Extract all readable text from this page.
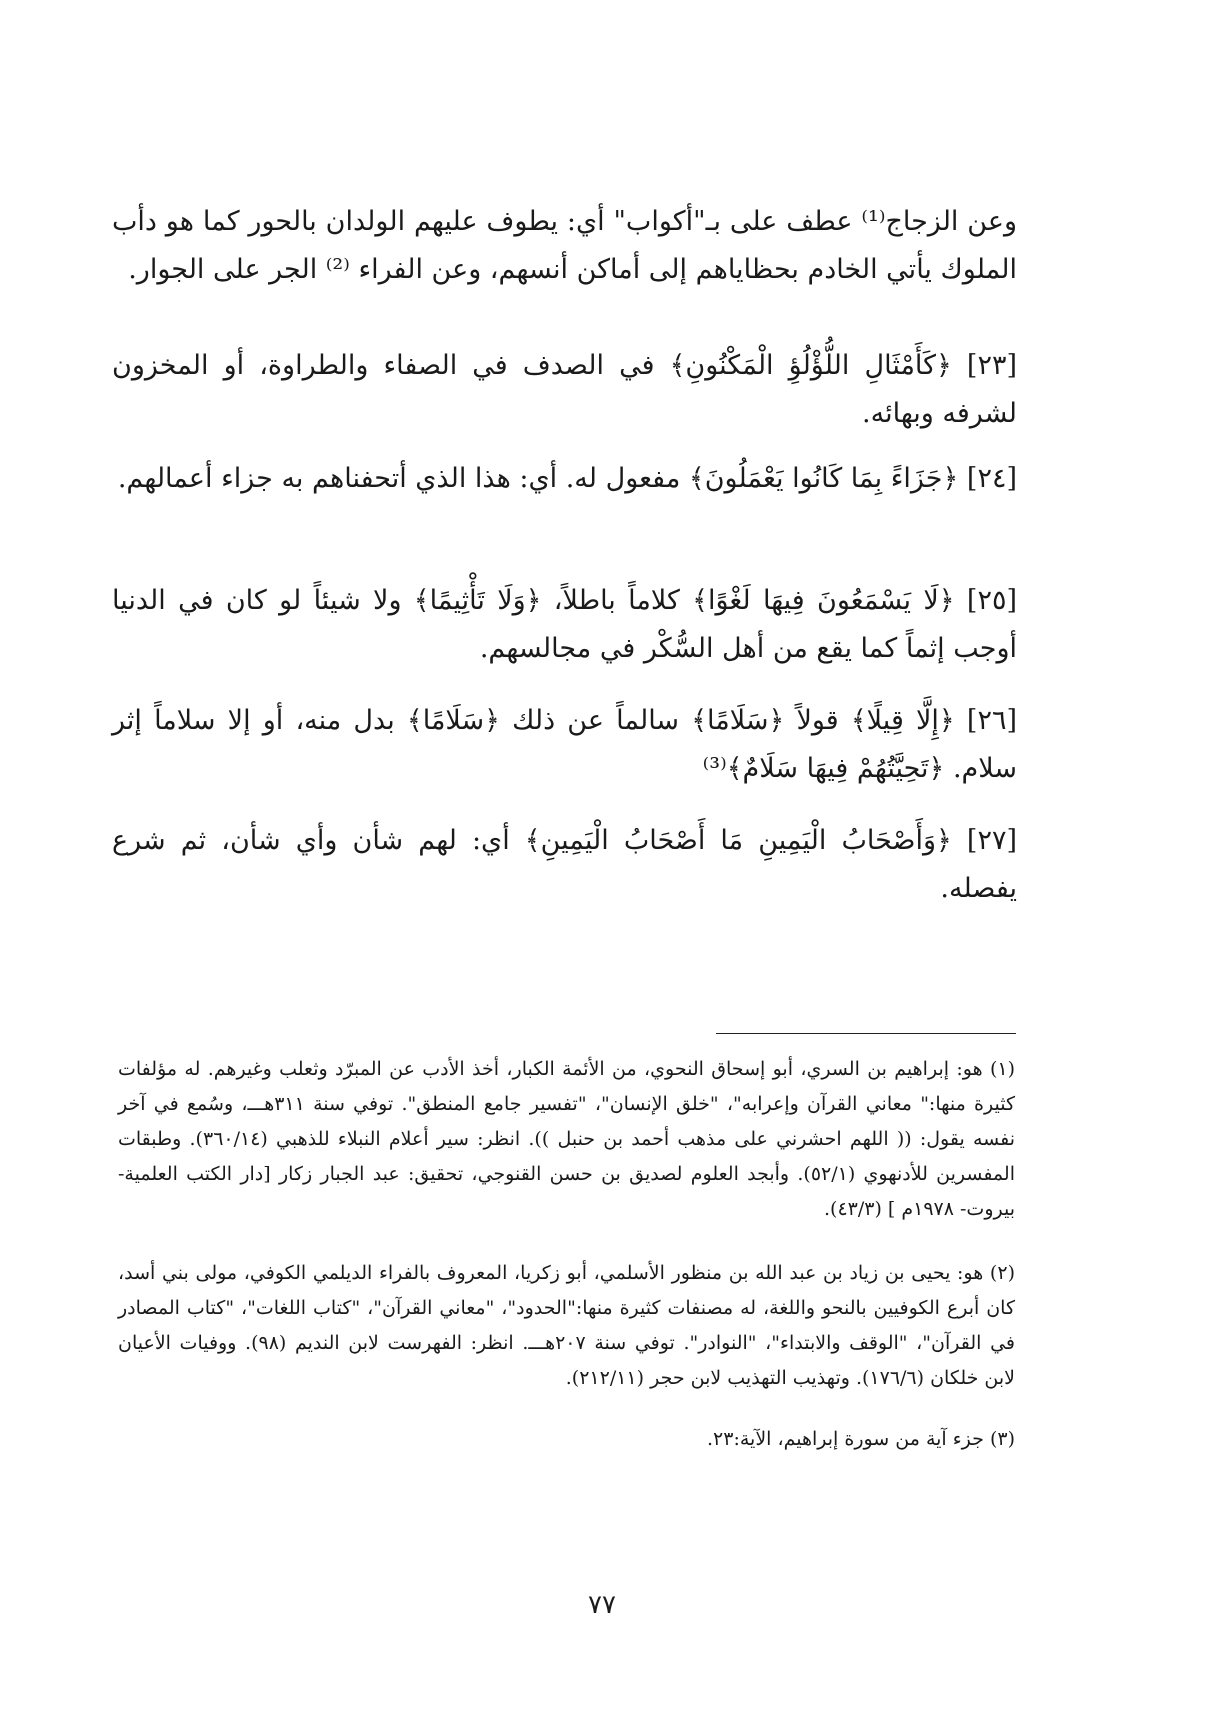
وعن الزجاج⁽¹⁾ عطف على بـ"أكواب" أي: يطوف عليهم الولدان بالحور كما هو دأب الملوك يأتي الخادم بحظاياهم إلى أماكن أنسهم، وعن الفراء ⁽²⁾ الجر على الجوار.

[٢٣] ﴿كَأَمْثَالِ اللُّؤْلُؤِ الْمَكْنُونِ﴾ في الصدف في الصفاء والطراوة، أو المخزون لشرفه وبهائه.

[٢٤] ﴿جَزَاءً بِمَا كَانُوا يَعْمَلُونَ﴾ مفعول له. أي: هذا الذي أتحفناهم به جزاء أعمالهم.

[٢٥] ﴿لَا يَسْمَعُونَ فِيهَا لَغْوًا﴾ كلاماً باطلاً، ﴿وَلَا تَأْثِيمًا﴾ ولا شيئاً لو كان في الدنيا أوجب إثماً كما يقع من أهل السُّكْر في مجالسهم.

[٢٦] ﴿إِلَّا قِيلًا﴾ قولاً ﴿سَلَامًا﴾ سالماً عن ذلك ﴿سَلَامًا﴾ بدل منه، أو إلا سلاماً إثر سلام. ﴿تَحِيَّتُهُمْ فِيهَا سَلَامٌ﴾⁽³⁾

[٢٧] ﴿وَأَصْحَابُ الْيَمِينِ مَا أَصْحَابُ الْيَمِينِ﴾ أي: لهم شأن وأي شأن، ثم شرع يفصله.

(١) هو: إبراهيم بن السري، أبو إسحاق النحوي، من الأئمة الكبار، أخذ الأدب عن المبرّد وثعلب وغيرهم. له مؤلفات كثيرة منها:" معاني القرآن وإعرابه"، "خلق الإنسان"، "تفسير جامع المنطق". توفي سنة ٣١١هـــ، وسُمع في آخر نفسه يقول: (( اللهم احشرني على مذهب أحمد بن حنبل )). انظر: سير أعلام النبلاء للذهبي (٣٦٠/١٤). وطبقات المفسرين للأدنهوي (٥٢/١). وأبجد العلوم لصديق بن حسن القنوجي، تحقيق: عبد الجبار زكار [دار الكتب العلمية- بيروت- ١٩٧٨م ] (٤٣/٣).

(٢) هو: يحيى بن زياد بن عبد الله بن منظور الأسلمي، أبو زكريا، المعروف بالفراء الديلمي الكوفي، مولى بني أسد، كان أبرع الكوفيين بالنحو واللغة، له مصنفات كثيرة منها:"الحدود"، "معاني القرآن"، "كتاب اللغات"، "كتاب المصادر في القرآن"، "الوقف والابتداء"، "النوادر". توفي سنة ٢٠٧هـــ. انظر: الفهرست لابن النديم (٩٨). ووفيات الأعيان لابن خلكان (١٧٦/٦). وتهذيب التهذيب لابن حجر (٢١٢/١١).

(٣) جزء آية من سورة إبراهيم، الآية:٢٣.

٧٧
